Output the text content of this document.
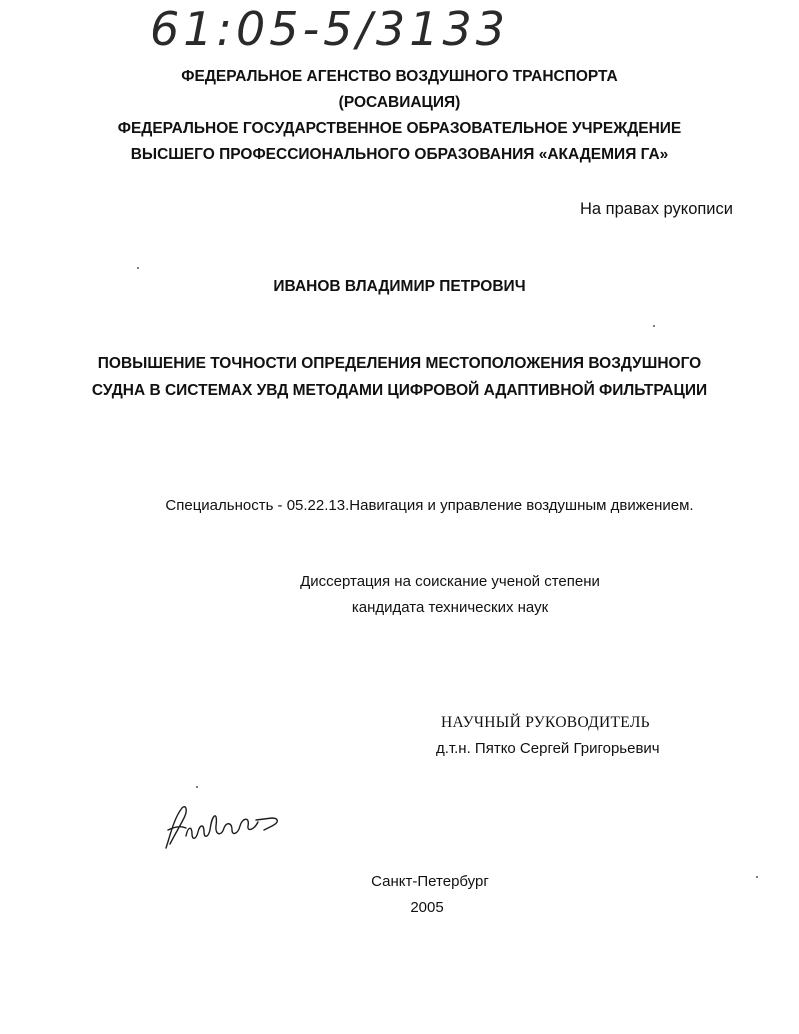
61:05-5/3133
ФЕДЕРАЛЬНОЕ АГЕНСТВО ВОЗДУШНОГО ТРАНСПОРТА
(РОСАВИАЦИЯ)
ФЕДЕРАЛЬНОЕ ГОСУДАРСТВЕННОЕ ОБРАЗОВАТЕЛЬНОЕ УЧРЕЖДЕНИЕ
ВЫСШЕГО ПРОФЕССИОНАЛЬНОГО ОБРАЗОВАНИЯ «АКАДЕМИЯ ГА»
На правах рукописи
ИВАНОВ ВЛАДИМИР ПЕТРОВИЧ
ПОВЫШЕНИЕ ТОЧНОСТИ ОПРЕДЕЛЕНИЯ МЕСТОПОЛОЖЕНИЯ ВОЗДУШНОГО
СУДНА В СИСТЕМАХ УВД МЕТОДАМИ ЦИФРОВОЙ АДАПТИВНОЙ ФИЛЬТРАЦИИ
Специальность - 05.22.13.Навигация и управление воздушным движением.
Диссертация на соискание ученой степени
кандидата технических наук
НАУЧНЫЙ РУКОВОДИТЕЛЬ
д.т.н. Пятко Сергей Григорьевич
Санкт-Петербург
2005
